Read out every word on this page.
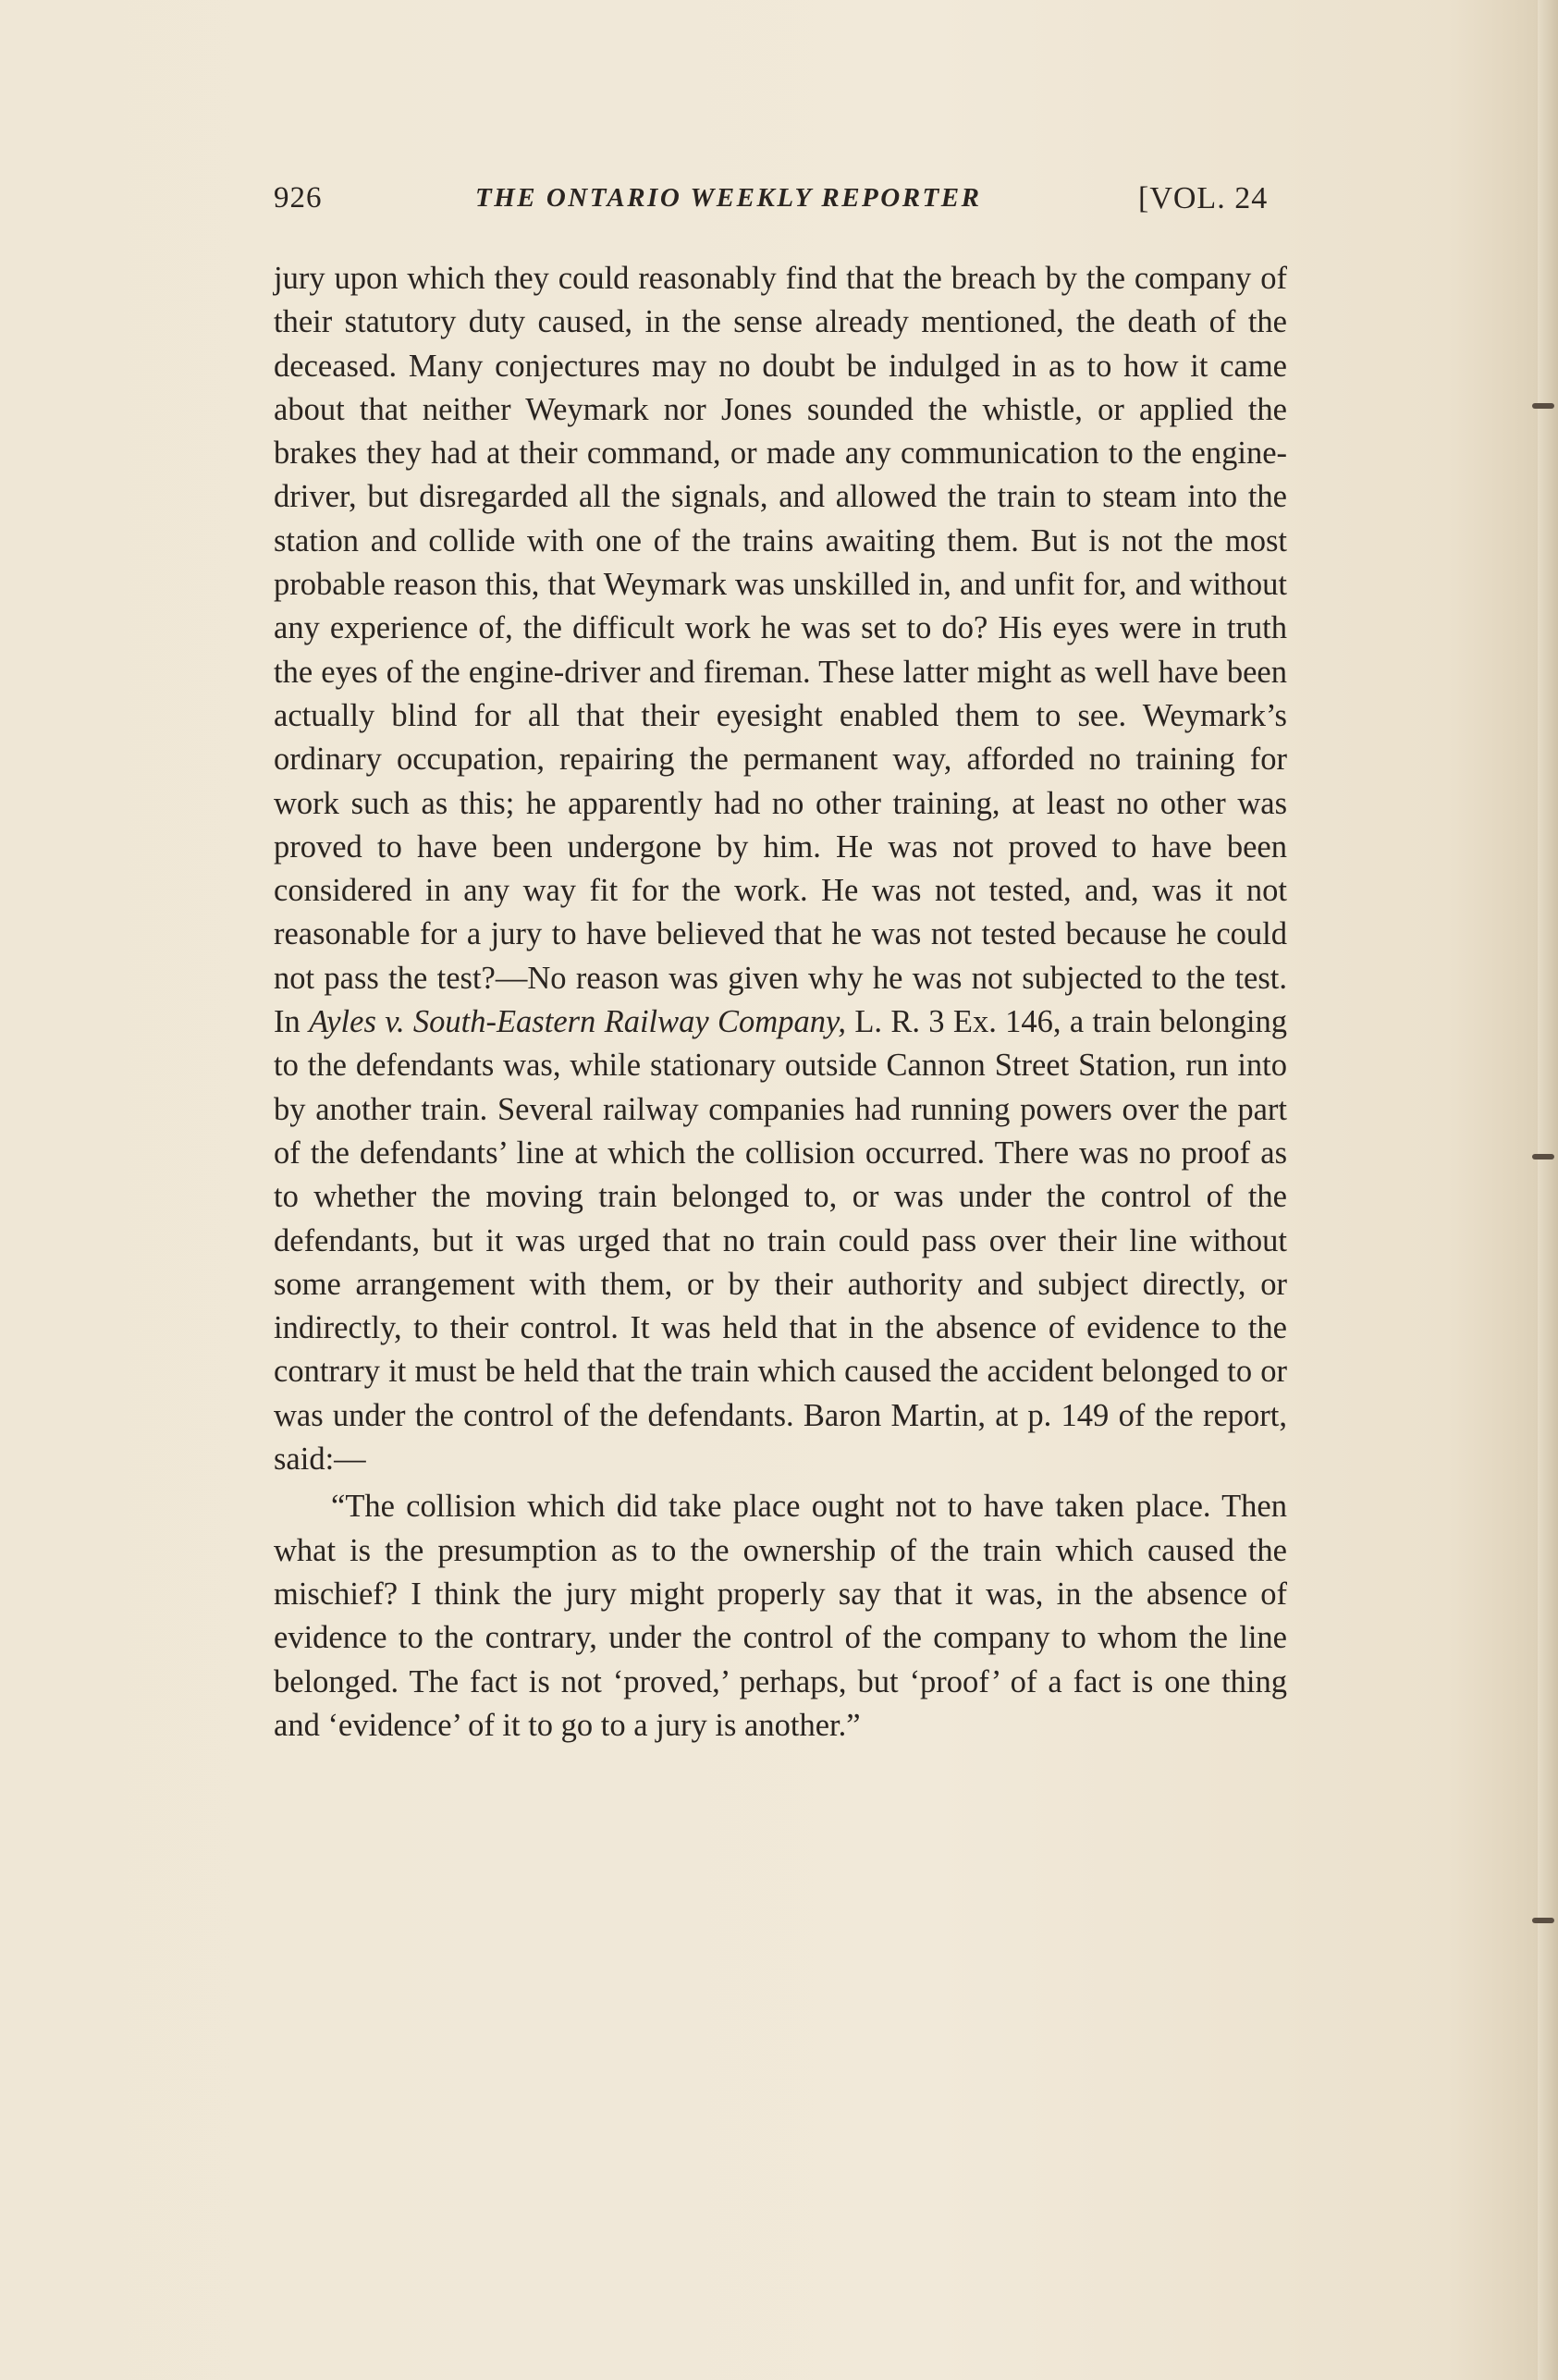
926	THE ONTARIO WEEKLY REPORTER	[VOL. 24

jury upon which they could reasonably find that the breach by the company of their statutory duty caused, in the sense already mentioned, the death of the deceased. Many conjectures may no doubt be indulged in as to how it came about that neither Weymark nor Jones sounded the whistle, or applied the brakes they had at their command, or made any communication to the engine-driver, but disregarded all the signals, and allowed the train to steam into the station and collide with one of the trains awaiting them. But is not the most probable reason this, that Weymark was unskilled in, and unfit for, and without any experience of, the difficult work he was set to do? His eyes were in truth the eyes of the engine-driver and fireman. These latter might as well have been actually blind for all that their eyesight enabled them to see. Weymark’s ordinary occupation, repairing the permanent way, afforded no training for work such as this; he apparently had no other training, at least no other was proved to have been undergone by him. He was not proved to have been considered in any way fit for the work. He was not tested, and, was it not reasonable for a jury to have believed that he was not tested because he could not pass the test?—No reason was given why he was not subjected to the test. In Ayles v. South-Eastern Railway Company, L. R. 3 Ex. 146, a train belonging to the defendants was, while stationary outside Cannon Street Station, run into by another train. Several railway companies had running powers over the part of the defendants’ line at which the collision occurred. There was no proof as to whether the moving train belonged to, or was under the control of the defendants, but it was urged that no train could pass over their line without some arrangement with them, or by their authority and subject directly, or indirectly, to their control. It was held that in the absence of evidence to the contrary it must be held that the train which caused the accident belonged to or was under the control of the defendants. Baron Martin, at p. 149 of the report, said:—

“The collision which did take place ought not to have taken place. Then what is the presumption as to the ownership of the train which caused the mischief? I think the jury might properly say that it was, in the absence of evidence to the contrary, under the control of the company to whom the line belonged. The fact is not ‘proved,’ perhaps, but ‘proof’ of a fact is one thing and ‘evidence’ of it to go to a jury is another.”
